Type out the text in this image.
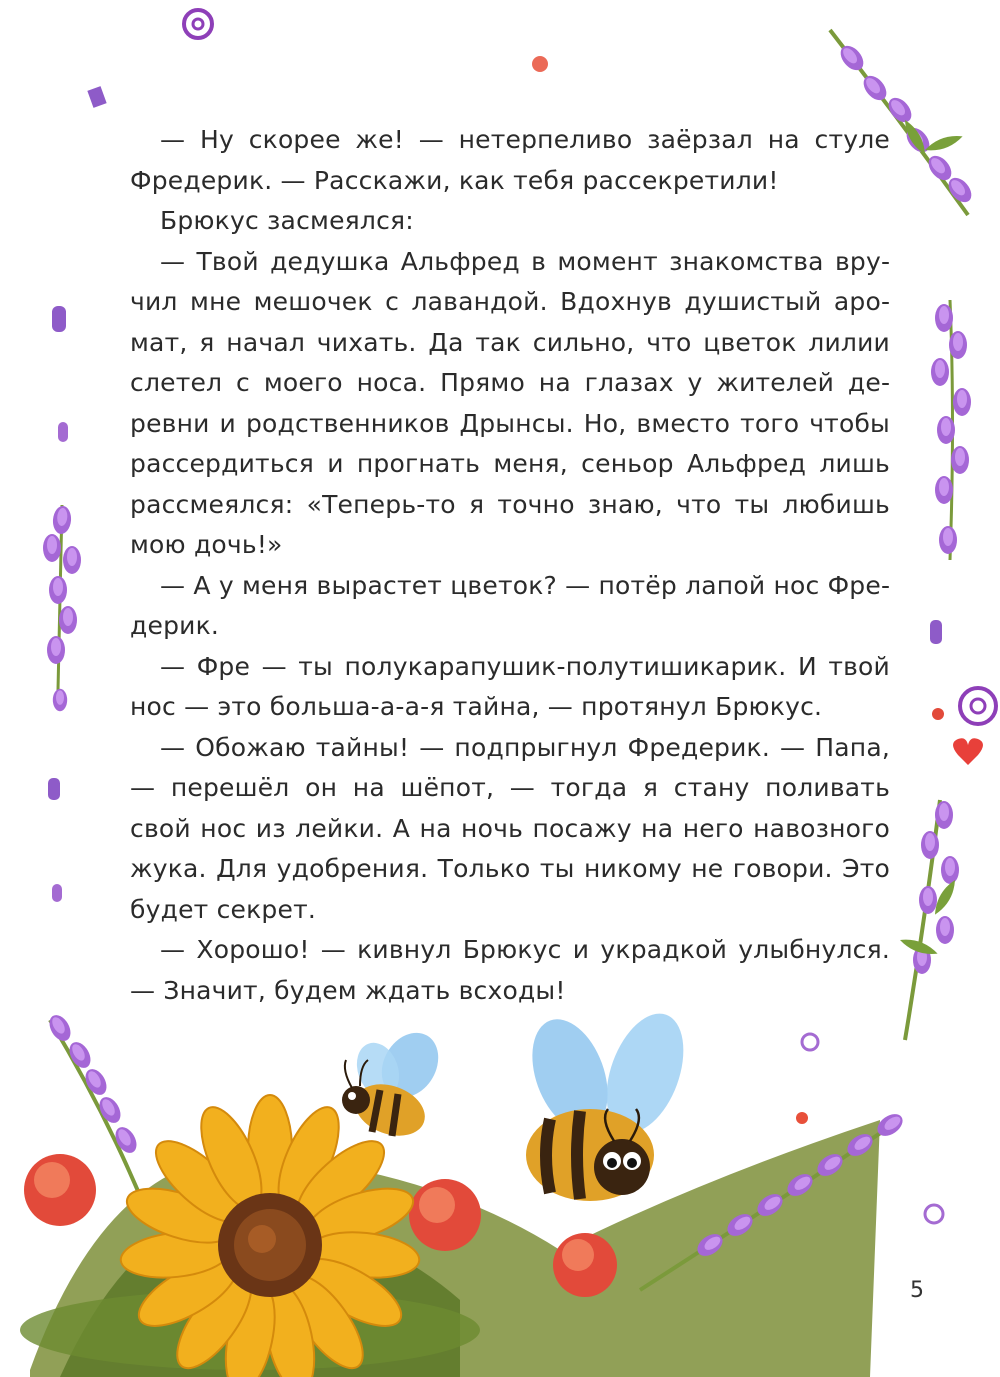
— Ну скорее же! — нетерпеливо заёрзал на стуле Фредерик. — Расскажи, как тебя рассекретили!

Брюкус засмеялся:

— Твой дедушка Альфред в момент знакомства вручил мне мешочек с лавандой. Вдохнув душистый аромат, я начал чихать. Да так сильно, что цветок лилии слетел с моего носа. Прямо на глазах у жителей деревни и родственников Дрынсы. Но, вместо того чтобы рассердиться и прогнать меня, сеньор Альфред лишь рассмеялся: «Теперь-то я точно знаю, что ты любишь мою дочь!»

— А у меня вырастет цветок? — потёр лапой нос Фредерик.

— Фре — ты полукарапушик-полутишикарик. И твой нос — это больша-а-а-я тайна, — протянул Брюкус.

— Обожаю тайны! — подпрыгнул Фредерик. — Папа, — перешёл он на шёпот, — тогда я стану поливать свой нос из лейки. А на ночь посажу на него навозного жука. Для удобрения. Только ты никому не говори. Это будет секрет.

— Хорошо! — кивнул Брюкус и украдкой улыбнулся. — Значит, будем ждать всходы!

5
